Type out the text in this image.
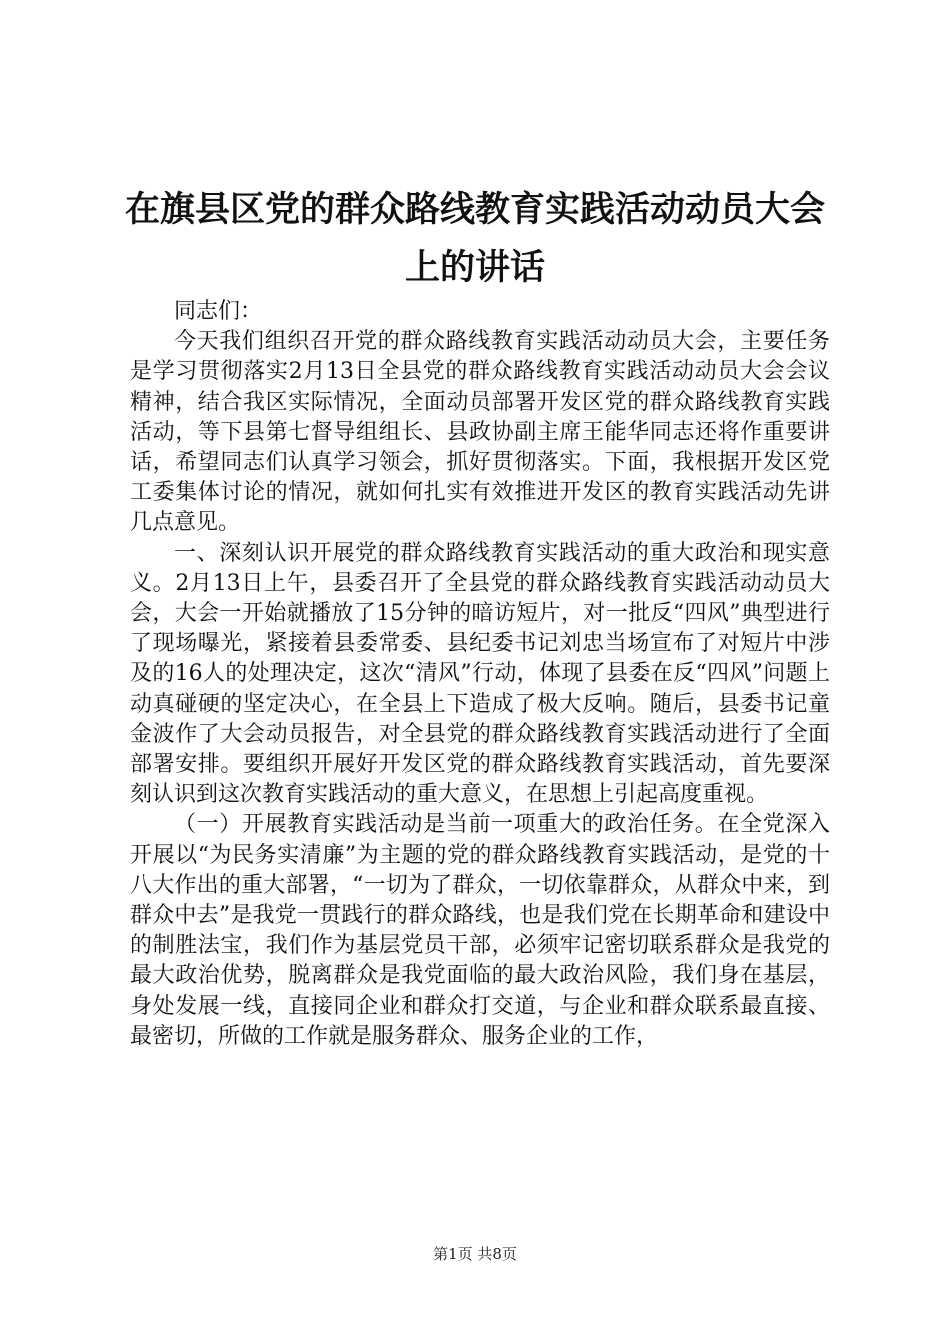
在旗县区党的群众路线教育实践活动动员大会
上的讲话

同志们：

今天我们组织召开党的群众路线教育实践活动动员大会，主要任务是学习贯彻落实2月13日全县党的群众路线教育实践活动动员大会会议精神，结合我区实际情况，全面动员部署开发区党的群众路线教育实践活动，等下县第七督导组组长、县政协副主席王能华同志还将作重要讲话，希望同志们认真学习领会，抓好贯彻落实。下面，我根据开发区党工委集体讨论的情况，就如何扎实有效推进开发区的教育实践活动先讲几点意见。

一、深刻认识开展党的群众路线教育实践活动的重大政治和现实意义。2月13日上午，县委召开了全县党的群众路线教育实践活动动员大会，大会一开始就播放了15分钟的暗访短片，对一批反“四风”典型进行了现场曝光，紧接着县委常委、县纪委书记刘忠当场宣布了对短片中涉及的16人的处理决定，这次“清风”行动，体现了县委在反“四风”问题上动真碰硬的坚定决心，在全县上下造成了极大反响。随后，县委书记童金波作了大会动员报告，对全县党的群众路线教育实践活动进行了全面部署安排。要组织开展好开发区党的群众路线教育实践活动，首先要深刻认识到这次教育实践活动的重大意义，在思想上引起高度重视。

（一）开展教育实践活动是当前一项重大的政治任务。在全党深入开展以“为民务实清廉”为主题的党的群众路线教育实践活动，是党的十八大作出的重大部署，“一切为了群众，一切依靠群众，从群众中来，到群众中去”是我党一贯践行的群众路线，也是我们党在长期革命和建设中的制胜法宝，我们作为基层党员干部，必须牢记密切联系群众是我党的最大政治优势，脱离群众是我党面临的最大政治风险，我们身在基层，身处发展一线，直接同企业和群众打交道，与企业和群众联系最直接、最密切，所做的工作就是服务群众、服务企业的工作，

第1页 共8页
